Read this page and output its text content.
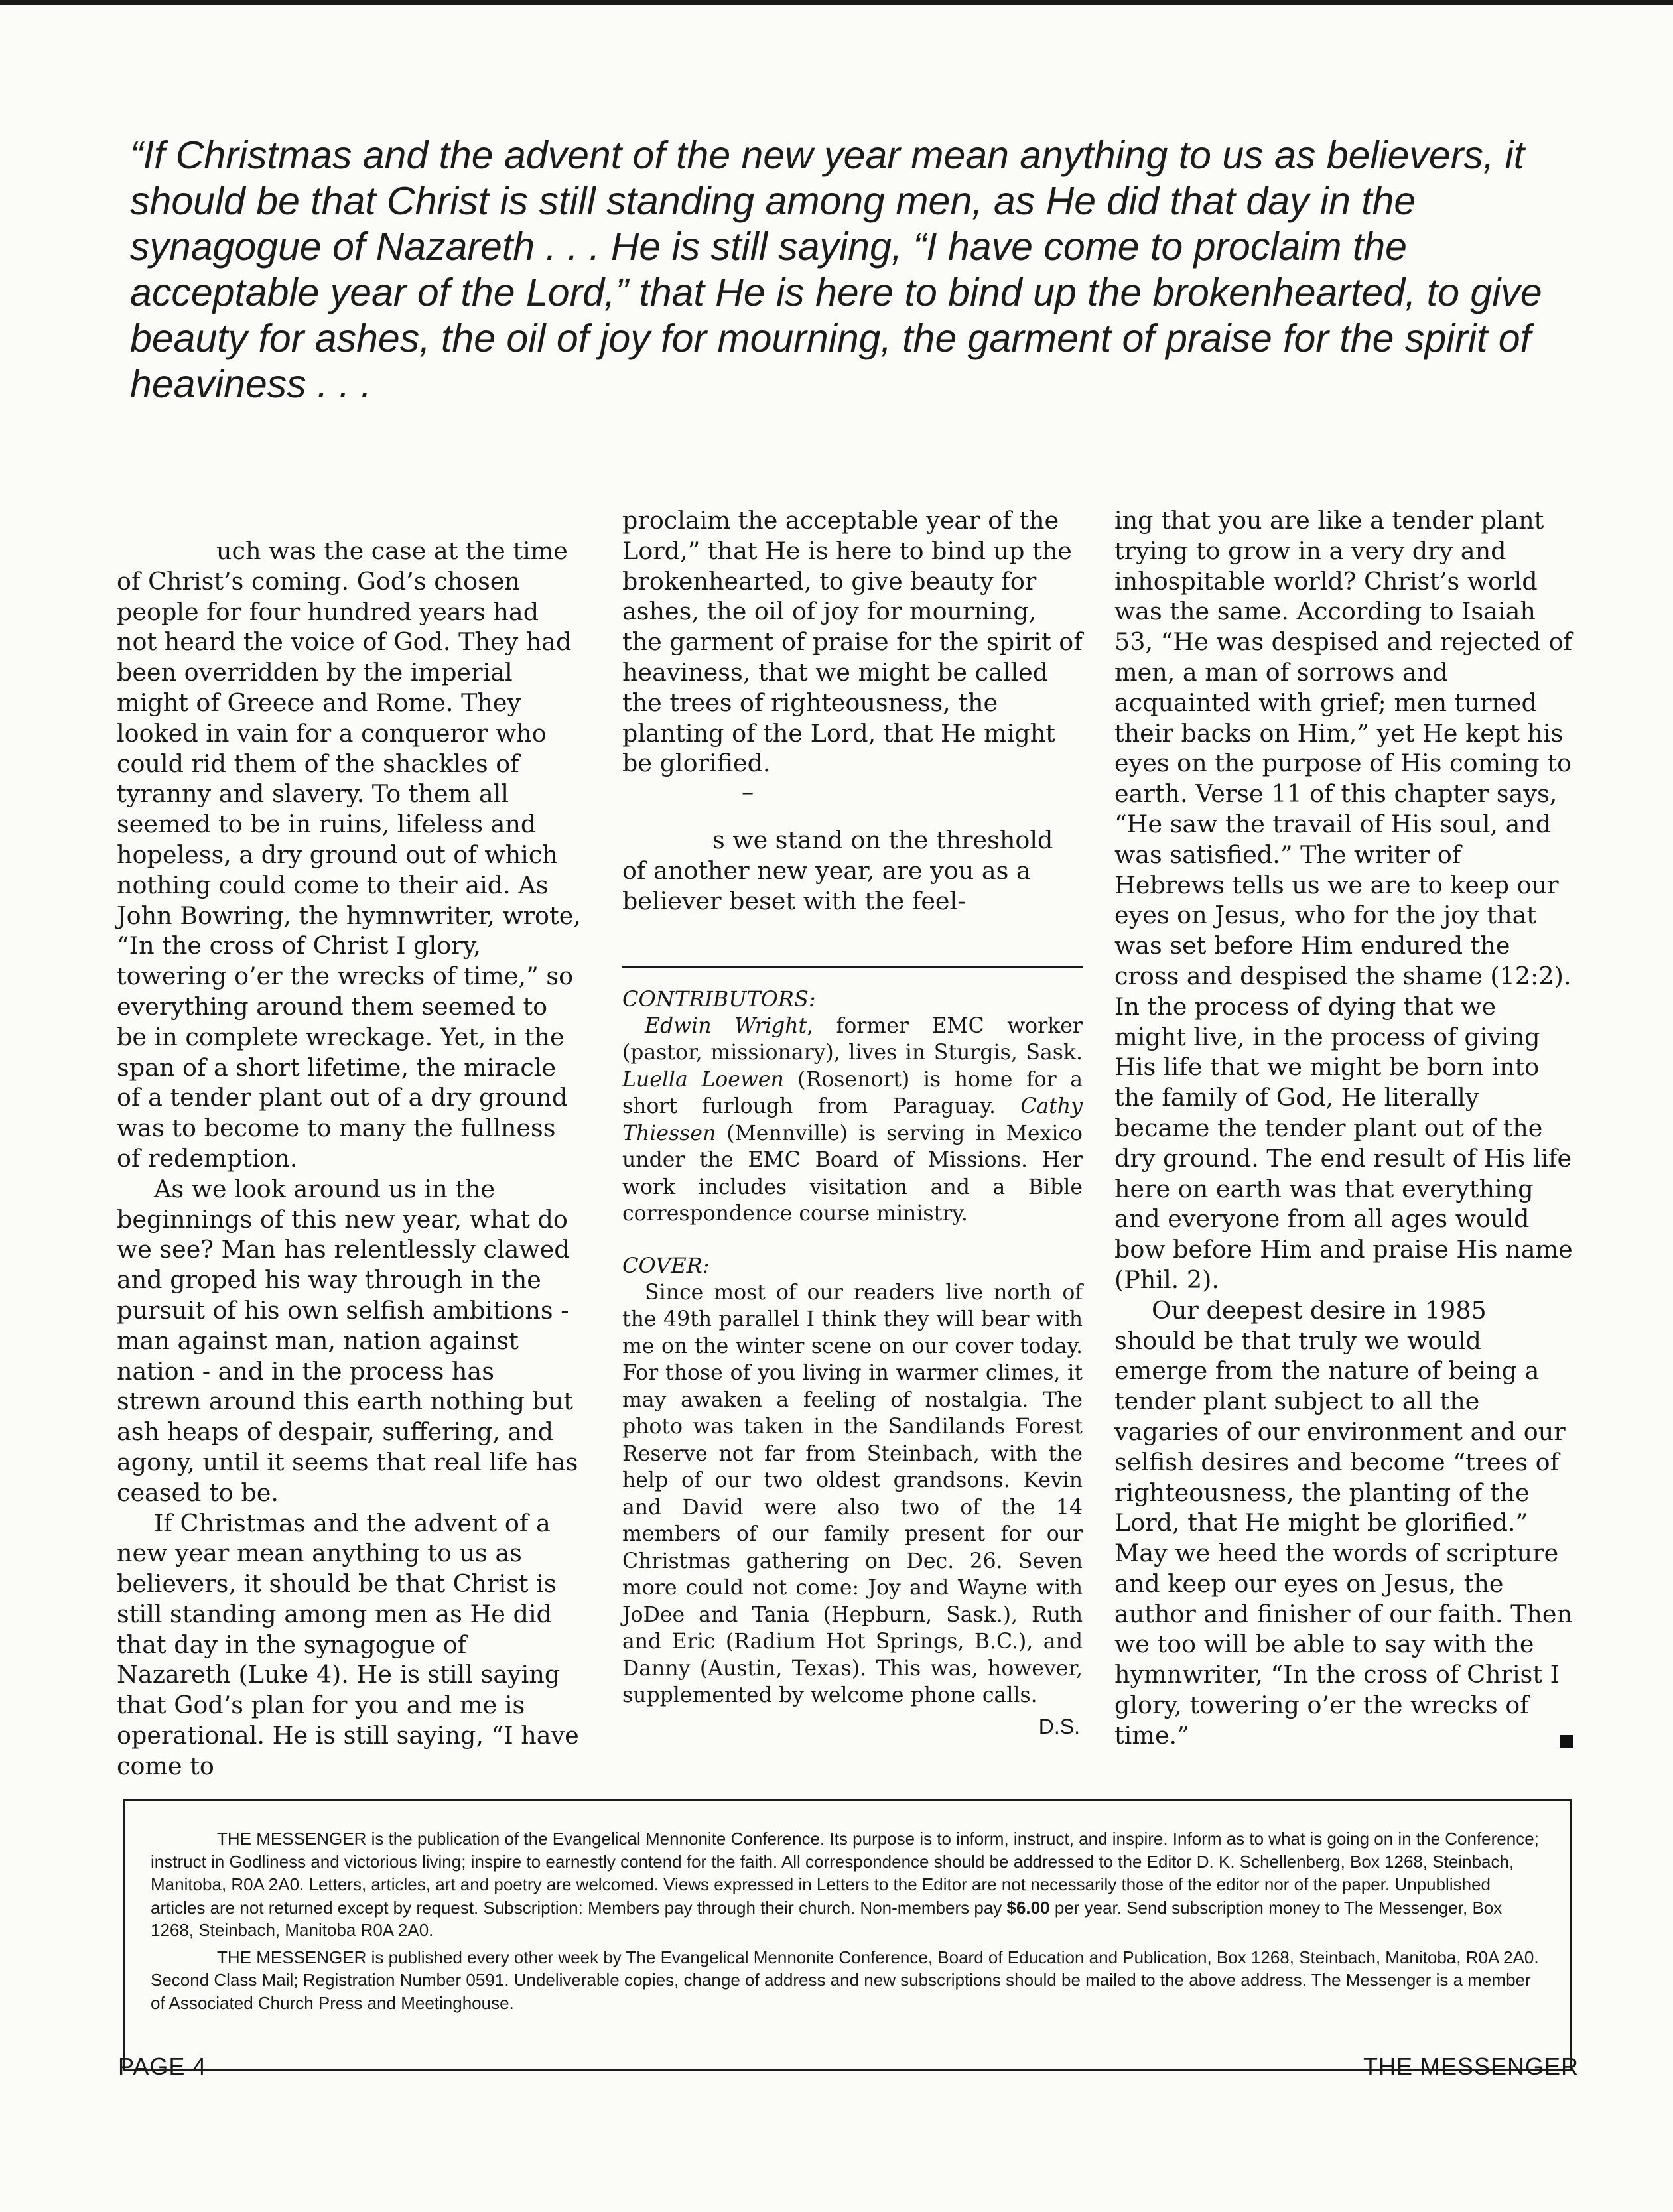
“If Christmas and the advent of the new year mean anything to us as believers, it should be that Christ is still standing among men, as He did that day in the synagogue of Nazareth . . . He is still saying, “I have come to proclaim the acceptable year of the Lord,” that He is here to bind up the brokenhearted, to give beauty for ashes, the oil of joy for mourning, the garment of praise for the spirit of heaviness . . .

uch was the case at the time of Christ’s coming. God’s chosen people for four hundred years had not heard the voice of God. They had been overridden by the imperial might of Greece and Rome. They looked in vain for a conqueror who could rid them of the shackles of tyranny and slavery. To them all seemed to be in ruins, lifeless and hopeless, a dry ground out of which nothing could come to their aid. As John Bowring, the hymnwriter, wrote, “In the cross of Christ I glory, towering o’er the wrecks of time,” so everything around them seemed to be in complete wreckage. Yet, in the span of a short lifetime, the miracle of a tender plant out of a dry ground was to become to many the fullness of redemption.

As we look around us in the beginnings of this new year, what do we see? Man has relentlessly clawed and groped his way through in the pursuit of his own selfish ambitions - man against man, nation against nation - and in the process has strewn around this earth nothing but ash heaps of despair, suffering, and agony, until it seems that real life has ceased to be.

If Christmas and the advent of a new year mean anything to us as believers, it should be that Christ is still standing among men as He did that day in the synagogue of Nazareth (Luke 4). He is still saying that God’s plan for you and me is operational. He is still saying, “I have come to

proclaim the acceptable year of the Lord,” that He is here to bind up the brokenhearted, to give beauty for ashes, the oil of joy for mourning, the garment of praise for the spirit of heaviness, that we might be called the trees of righteousness, the planting of the Lord, that He might be glorified.

–

s we stand on the threshold of another new year, are you as a believer beset with the feel-

CONTRIBUTORS:

Edwin Wright, former EMC worker (pastor, missionary), lives in Sturgis, Sask. Luella Loewen (Rosenort) is home for a short furlough from Paraguay. Cathy Thiessen (Mennville) is serving in Mexico under the EMC Board of Missions. Her work includes visitation and a Bible correspondence course ministry.

COVER:

Since most of our readers live north of the 49th parallel I think they will bear with me on the winter scene on our cover today. For those of you living in warmer climes, it may awaken a feeling of nostalgia. The photo was taken in the Sandilands Forest Reserve not far from Steinbach, with the help of our two oldest grandsons. Kevin and David were also two of the 14 members of our family present for our Christmas gathering on Dec. 26. Seven more could not come: Joy and Wayne with JoDee and Tania (Hepburn, Sask.), Ruth and Eric (Radium Hot Springs, B.C.), and Danny (Austin, Texas). This was, however, supplemented by welcome phone calls.

D.S.

ing that you are like a tender plant trying to grow in a very dry and inhospitable world? Christ’s world was the same. According to Isaiah 53, “He was despised and rejected of men, a man of sorrows and acquainted with grief; men turned their backs on Him,” yet He kept his eyes on the purpose of His coming to earth. Verse 11 of this chapter says, “He saw the travail of His soul, and was satisfied.” The writer of Hebrews tells us we are to keep our eyes on Jesus, who for the joy that was set before Him endured the cross and despised the shame (12:2). In the process of dying that we might live, in the process of giving His life that we might be born into the family of God, He literally became the tender plant out of the dry ground. The end result of His life here on earth was that everything and everyone from all ages would bow before Him and praise His name (Phil. 2).

Our deepest desire in 1985 should be that truly we would emerge from the nature of being a tender plant subject to all the vagaries of our environment and our selfish desires and become “trees of righteousness, the planting of the Lord, that He might be glorified.” May we heed the words of scripture and keep our eyes on Jesus, the author and finisher of our faith. Then we too will be able to say with the hymnwriter, “In the cross of Christ I glory, towering o’er the wrecks of time.”

THE MESSENGER is the publication of the Evangelical Mennonite Conference. Its purpose is to inform, instruct, and inspire. Inform as to what is going on in the Conference; instruct in Godliness and victorious living; inspire to earnestly contend for the faith. All correspondence should be addressed to the Editor D. K. Schellenberg, Box 1268, Steinbach, Manitoba, R0A 2A0. Letters, articles, art and poetry are welcomed. Views expressed in Letters to the Editor are not necessarily those of the editor nor of the paper. Unpublished articles are not returned except by request. Subscription: Members pay through their church. Non-members pay $6.00 per year. Send subscription money to The Messenger, Box 1268, Steinbach, Manitoba R0A 2A0.

THE MESSENGER is published every other week by The Evangelical Mennonite Conference, Board of Education and Publication, Box 1268, Steinbach, Manitoba, R0A 2A0. Second Class Mail; Registration Number 0591. Undeliverable copies, change of address and new subscriptions should be mailed to the above address. The Messenger is a member of Associated Church Press and Meetinghouse.

PAGE 4	THE MESSENGER
